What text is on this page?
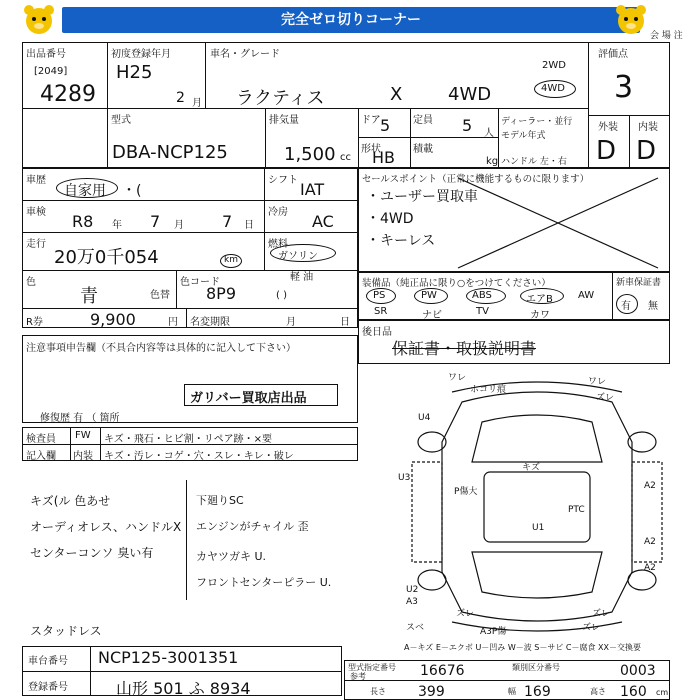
完全ゼロ切りコーナー
会 場 注
出品番号
[2049]
4289
初度登録年月
H25
2 月
車名・グレード
ラクティス	X	4WD
2WD
4WD
評価点
3
外装 内装
D D
型式
DBA-NCP125
排気量
1,500 cc
ドア 5
形状
HB
定員 5 人
積載
kg
ディーラー・並行
モデル年式
ハンドル 左・右
車歴
自家用 ・(
シフト IAT
車検 R8 年 7 月 7 日
冷房 AC
走行
20万0千054	km
燃料
ガソリン
軽 油
( )
色
青	色替
色コード
8P9
R券	9,900	円 名変期限	月	日
セールスポイント（正常に機能するものに限ります）
・ユーザー買取車
・4WD
・キーレス
装備品（純正品に限り○をつけてください）
PS	PW	ABS	エアB	AW
SR	ナビ	TV	カワ
新車保証書
有 無
注意事項申告欄（不具合内容等は具体的に記入して下さい）
ガリバー買取店出品
修復歴 有 （ 箇所
後日品
保証書・取扱説明書
検査員
記入欄
FW キズ・飛石・ヒビ割・リペア跡・×要
内装 キズ・汚レ・コゲ・穴・スレ・キレ・破レ
キズ(ル 色あせ
オーディオレス、ハンドルX
センターコンソ 臭い有
スタッドレス
下廻りSC
エンジンがチャイル 歪
カヤツガキ U.
フロントセンターピラー U.
ワレ
ホコリ痕
ワレ
ズレ
U4
キズ
A2
U3
P傷大
PTC
U1
A2
A2
U2
A3
スベ
ズレ	ズレ
A3P傷	ズレ
A－キズ E－エクボ U－凹み W－波 S－サビ C－腐食 XX－交換要
車台番号 NCP125-3001351
登録番号	山形 501 ふ 8934
型式指定番号
参考	16676	類別区分番号	0003
長さ 399	幅 169	高さ 160 cm
